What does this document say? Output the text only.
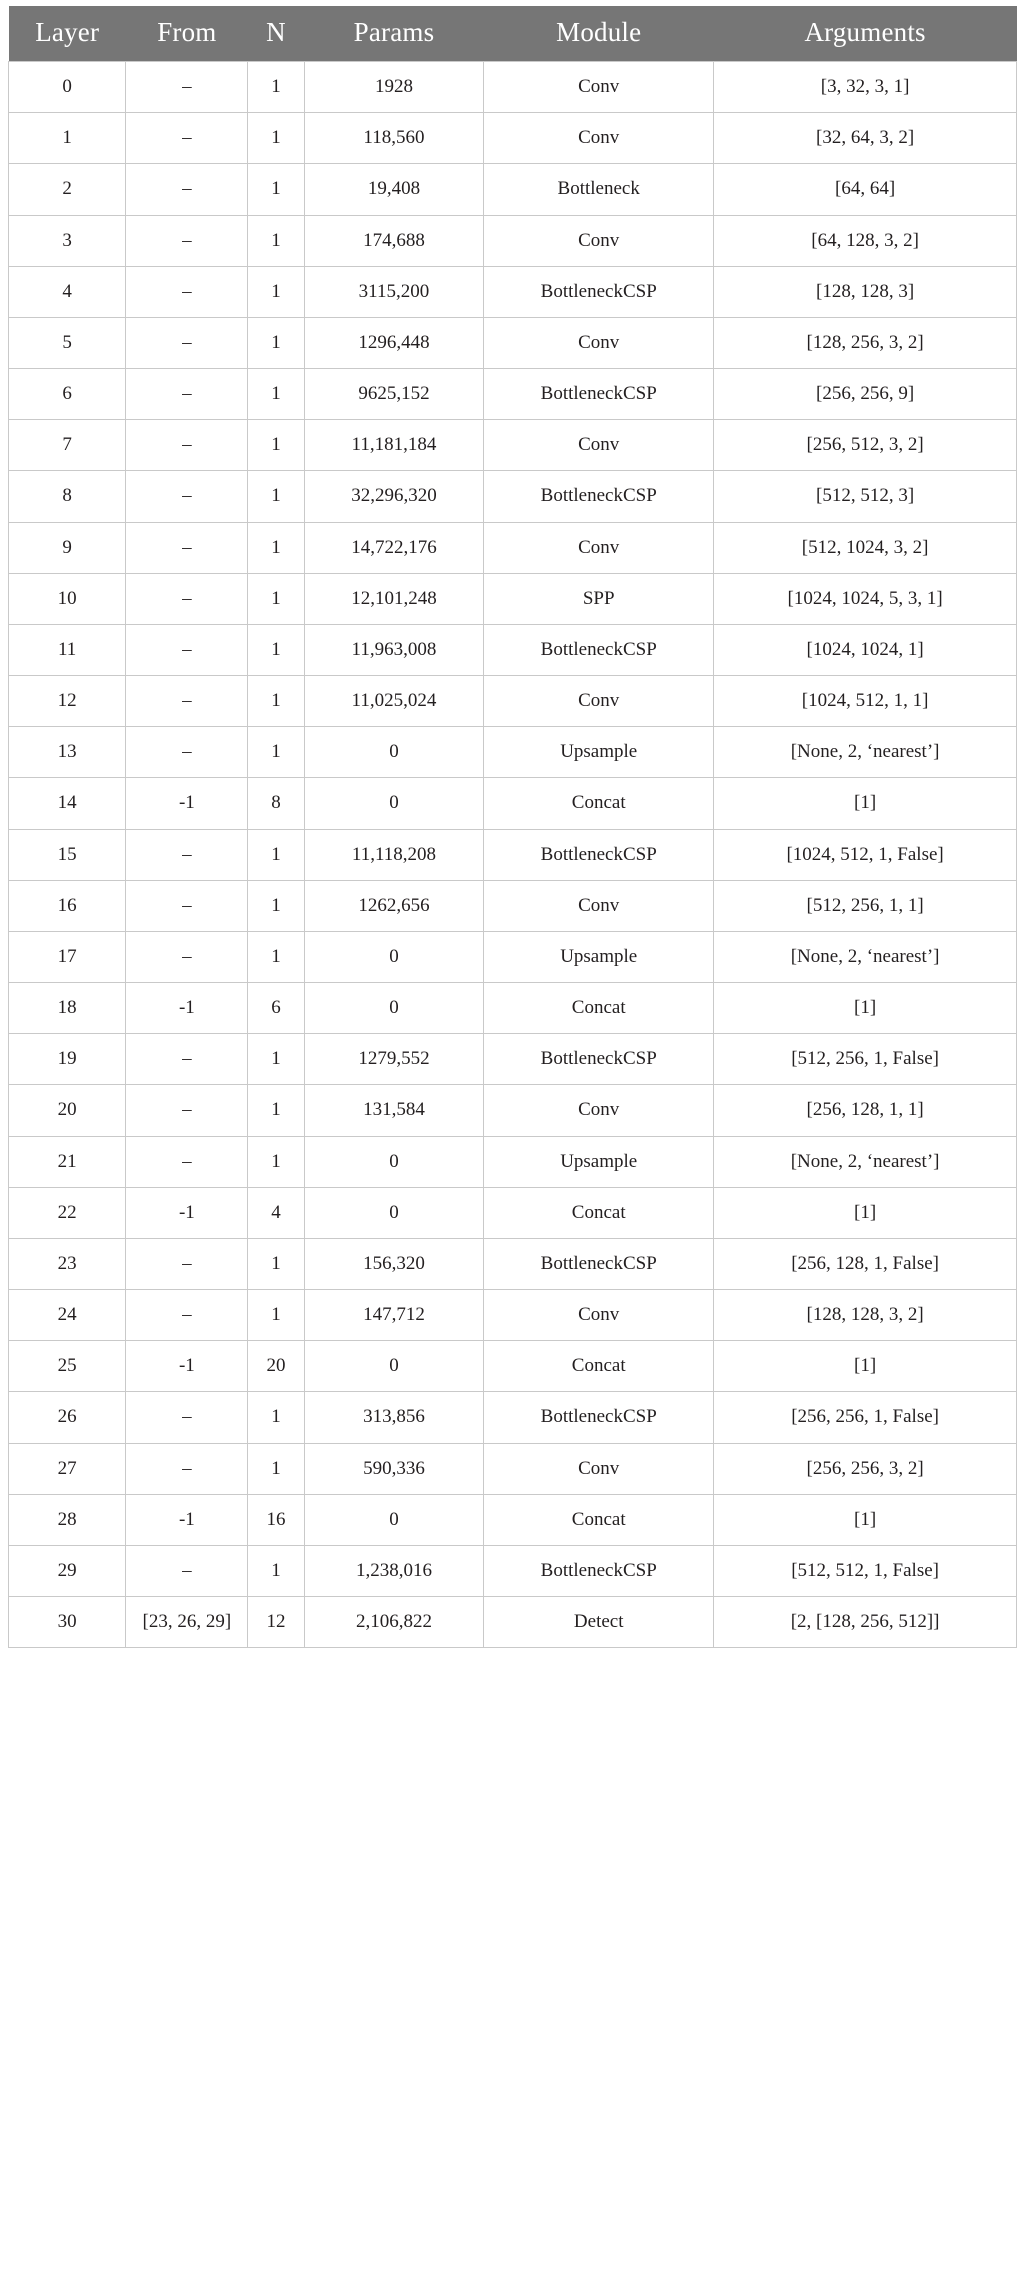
Layer	From	N	Params	Module	Arguments
0	–	1	1928	Conv	[3, 32, 3, 1]
1	–	1	118,560	Conv	[32, 64, 3, 2]
2	–	1	19,408	Bottleneck	[64, 64]
3	–	1	174,688	Conv	[64, 128, 3, 2]
4	–	1	3115,200	BottleneckCSP	[128, 128, 3]
5	–	1	1296,448	Conv	[128, 256, 3, 2]
6	–	1	9625,152	BottleneckCSP	[256, 256, 9]
7	–	1	11,181,184	Conv	[256, 512, 3, 2]
8	–	1	32,296,320	BottleneckCSP	[512, 512, 3]
9	–	1	14,722,176	Conv	[512, 1024, 3, 2]
10	–	1	12,101,248	SPP	[1024, 1024, 5, 3, 1]
11	–	1	11,963,008	BottleneckCSP	[1024, 1024, 1]
12	–	1	11,025,024	Conv	[1024, 512, 1, 1]
13	–	1	0	Upsample	[None, 2, ‘nearest’]
14	-1	8	0	Concat	[1]
15	–	1	11,118,208	BottleneckCSP	[1024, 512, 1, False]
16	–	1	1262,656	Conv	[512, 256, 1, 1]
17	–	1	0	Upsample	[None, 2, ‘nearest’]
18	-1	6	0	Concat	[1]
19	–	1	1279,552	BottleneckCSP	[512, 256, 1, False]
20	–	1	131,584	Conv	[256, 128, 1, 1]
21	–	1	0	Upsample	[None, 2, ‘nearest’]
22	-1	4	0	Concat	[1]
23	–	1	156,320	BottleneckCSP	[256, 128, 1, False]
24	–	1	147,712	Conv	[128, 128, 3, 2]
25	-1	20	0	Concat	[1]
26	–	1	313,856	BottleneckCSP	[256, 256, 1, False]
27	–	1	590,336	Conv	[256, 256, 3, 2]
28	-1	16	0	Concat	[1]
29	–	1	1,238,016	BottleneckCSP	[512, 512, 1, False]
30	[23, 26, 29]	12	2,106,822	Detect	[2, [128, 256, 512]]
